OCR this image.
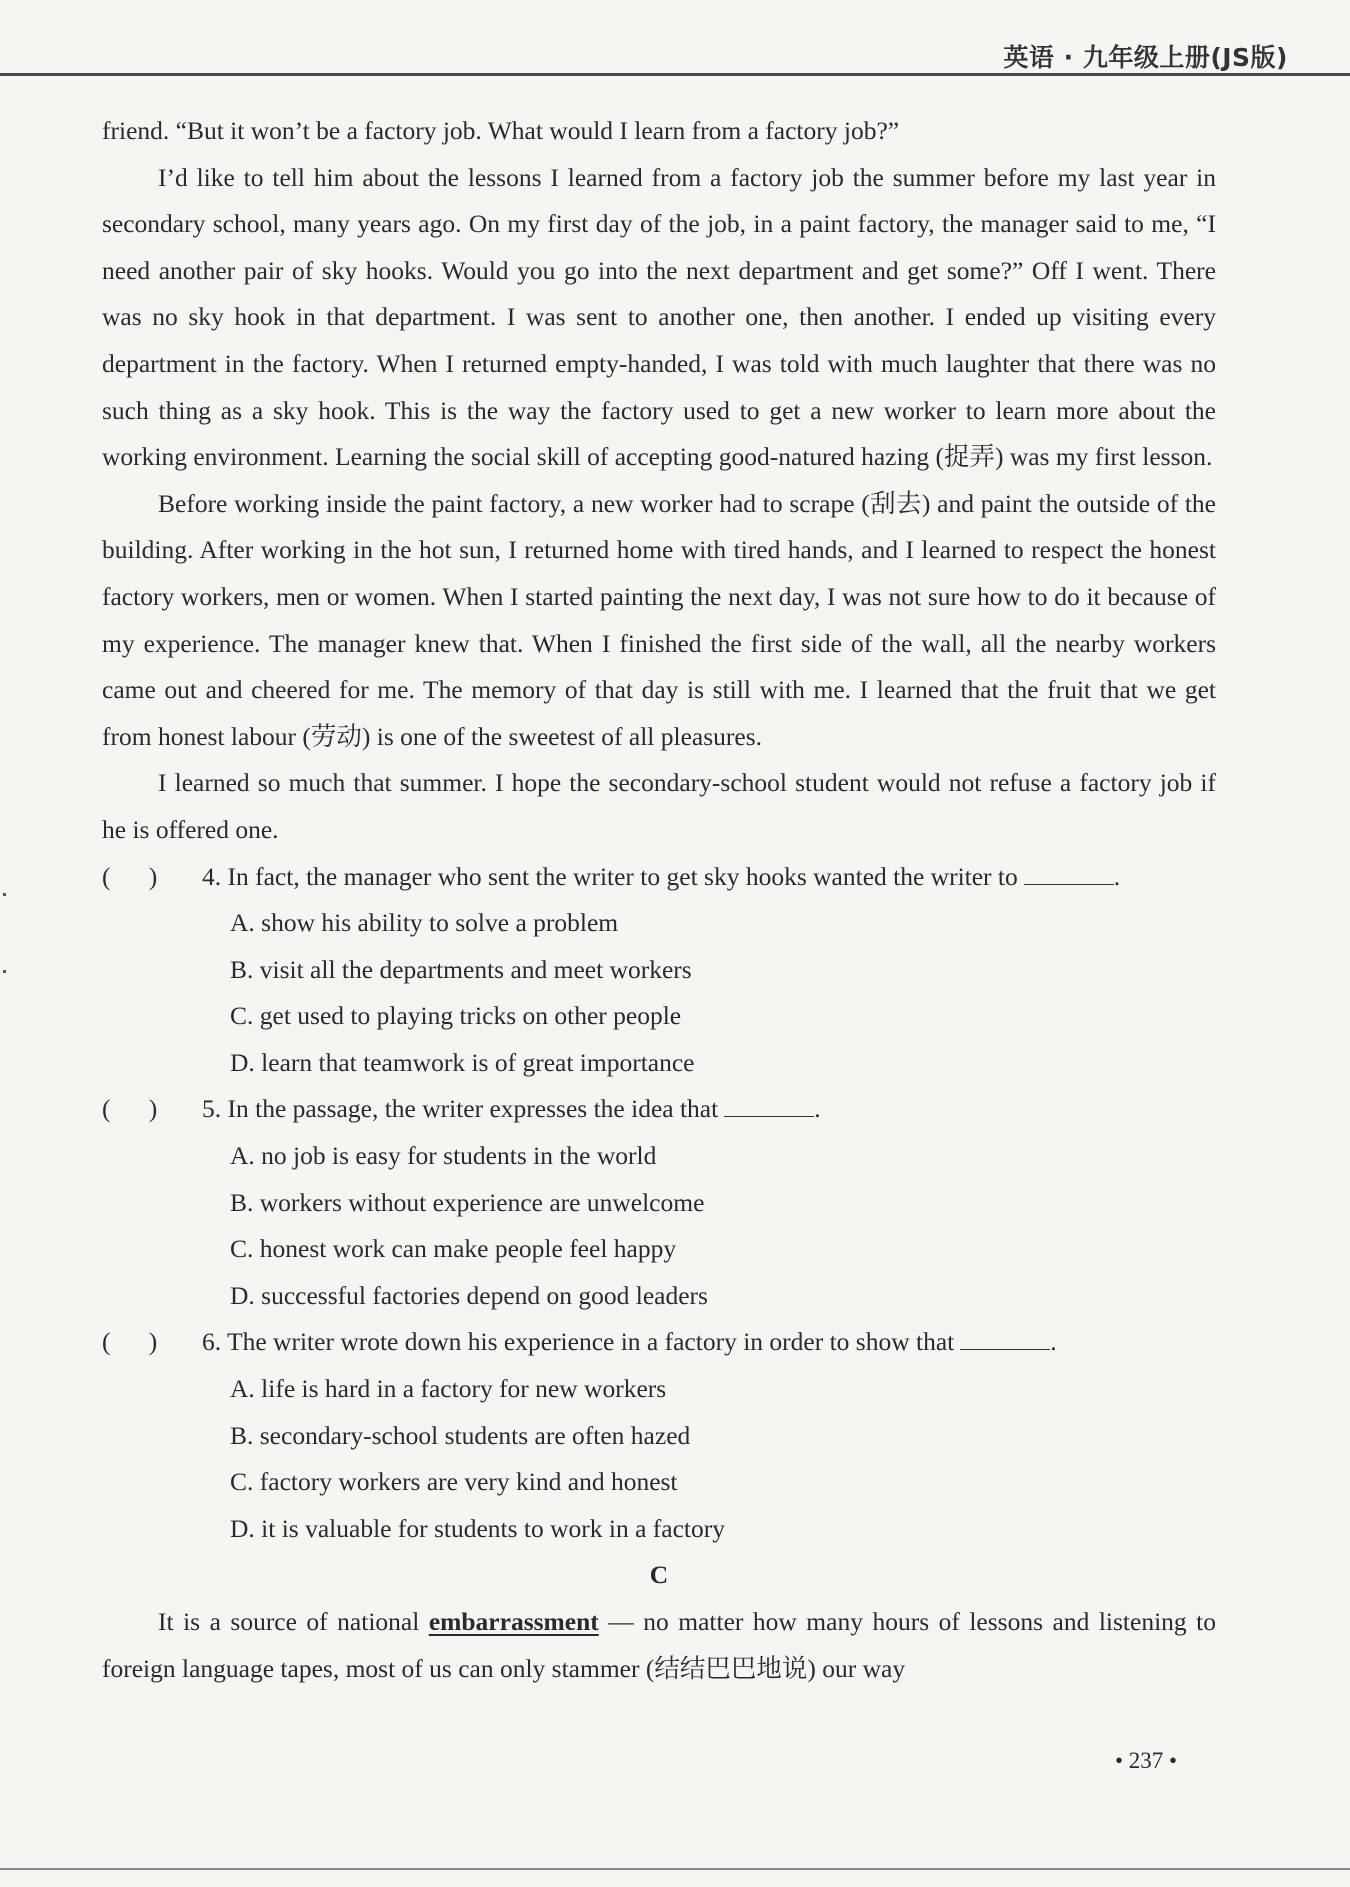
英语 · 九年级上册(JS版)

friend. “But it won’t be a factory job. What would I learn from a factory job?”

I’d like to tell him about the lessons I learned from a factory job the summer before my last year in secondary school, many years ago. On my first day of the job, in a paint factory, the manager said to me, “I need another pair of sky hooks. Would you go into the next department and get some?” Off I went. There was no sky hook in that department. I was sent to another one, then another. I ended up visiting every department in the factory. When I returned empty-handed, I was told with much laughter that there was no such thing as a sky hook. This is the way the factory used to get a new worker to learn more about the working environment. Learning the social skill of accepting good-natured hazing (捉弄) was my first lesson.

Before working inside the paint factory, a new worker had to scrape (刮去) and paint the outside of the building. After working in the hot sun, I returned home with tired hands, and I learned to respect the honest factory workers, men or women. When I started painting the next day, I was not sure how to do it because of my experience. The manager knew that. When I finished the first side of the wall, all the nearby workers came out and cheered for me. The memory of that day is still with me. I learned that the fruit that we get from honest labour (劳动) is one of the sweetest of all pleasures.

I learned so much that summer. I hope the secondary-school student would not refuse a factory job if he is offered one.

(      ) 4. In fact, the manager who sent the writer to get sky hooks wanted the writer to	.

A. show his ability to solve a problem

B. visit all the departments and meet workers

C. get used to playing tricks on other people

D. learn that teamwork is of great importance

(      ) 5. In the passage, the writer expresses the idea that	.

A. no job is easy for students in the world

B. workers without experience are unwelcome

C. honest work can make people feel happy

D. successful factories depend on good leaders

(      ) 6. The writer wrote down his experience in a factory in order to show that	.

A. life is hard in a factory for new workers

B. secondary-school students are often hazed

C. factory workers are very kind and honest

D. it is valuable for students to work in a factory

C

It is a source of national embarrassment — no matter how many hours of lessons and listening to foreign language tapes, most of us can only stammer (结结巴巴地说) our way

• 237 •
